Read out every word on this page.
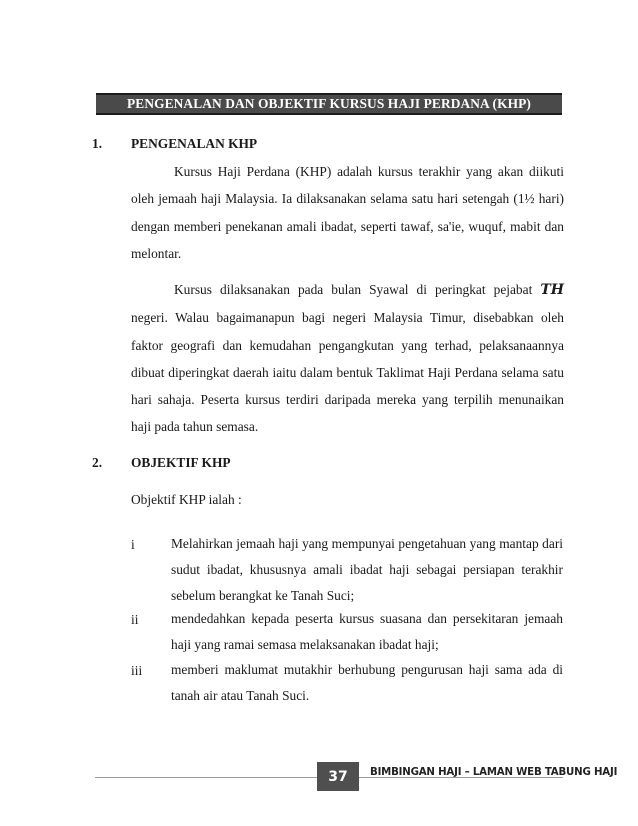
PENGENALAN DAN OBJEKTIF KURSUS HAJI PERDANA (KHP)
1. PENGENALAN KHP
Kursus Haji Perdana (KHP) adalah kursus terakhir yang akan diikuti oleh jemaah haji Malaysia. Ia dilaksanakan selama satu hari setengah (1½ hari) dengan memberi penekanan amali ibadat, seperti tawaf, sa'ie, wuquf, mabit dan melontar.
Kursus dilaksanakan pada bulan Syawal di peringkat pejabat TH negeri. Walau bagaimanapun bagi negeri Malaysia Timur, disebabkan oleh faktor geografi dan kemudahan pengangkutan yang terhad, pelaksanaannya dibuat diperingkat daerah iaitu dalam bentuk Taklimat Haji Perdana selama satu hari sahaja. Peserta kursus terdiri daripada mereka yang terpilih menunaikan haji pada tahun semasa.
2. OBJEKTIF KHP
Objektif KHP ialah :
i	Melahirkan jemaah haji yang mempunyai pengetahuan yang mantap dari sudut ibadat, khususnya amali ibadat haji sebagai persiapan terakhir sebelum berangkat ke Tanah Suci;
ii mendedahkan kepada peserta kursus suasana dan persekitaran jemaah haji yang ramai semasa melaksanakan ibadat haji;
iii memberi maklumat mutakhir berhubung pengurusan haji sama ada di tanah air atau Tanah Suci.
37	BIMBINGAN HAJI – LAMAN WEB TABUNG HAJI
